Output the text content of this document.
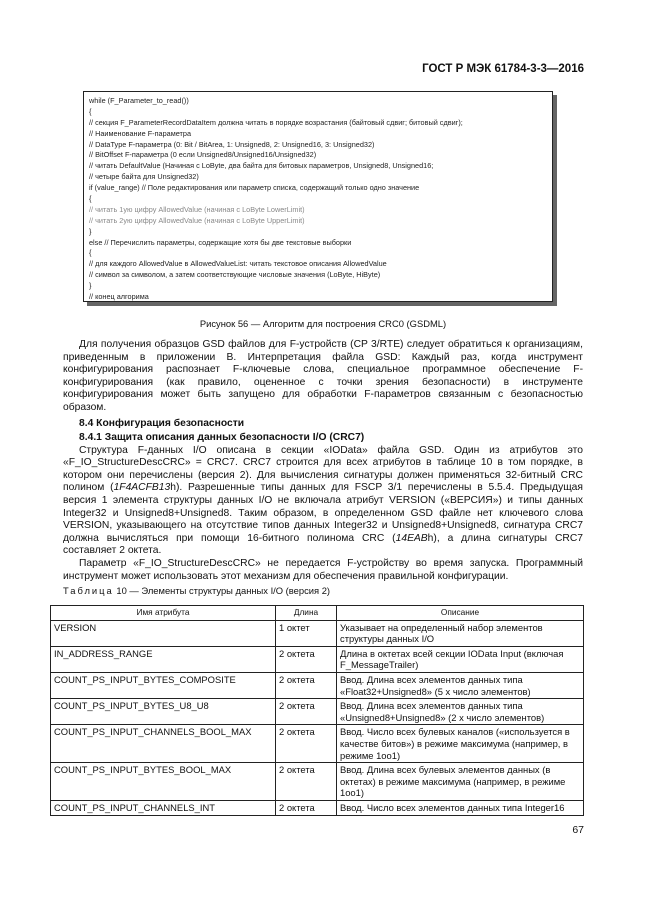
ГОСТ Р МЭК 61784-3-3—2016
while (F_Parameter_to_read())
{
// секция F_ParameterRecordDataItem должна читать в порядке возрастания (байтовый сдвиг; битовый сдвиг);
// Наименование F-параметра
// DataType F-параметра (0: Bit / BitArea, 1: Unsigned8, 2: Unsigned16, 3: Unsigned32)
// BitOffset F-параметра (0 если Unsigned8/Unsigned16/Unsigned32)
// читать DefaultValue (Начиная с LoByte, два байта для битовых параметров, Unsigned8, Unsigned16;
// четыре байта для Unsigned32)
if (value_range) // Поле редактирования или параметр списка, содержащий только одно значение
{
// читать 1ую цифру AllowedValue (начиная с LoByte LowerLimit)
// читать 2ую цифру AllowedValue (начиная с LoByte UpperLimit)
}
else // Перечислить параметры, содержащие хотя бы две текстовые выборки
{
// для каждого AllowedValue в AllowedValueList: читать текстовое описания AllowedValue
// символ за символом, а затем соответствующие числовые значения (LoByte, HiByte)
}
// конец алгорима
Рисунок 56 — Алгоритм для построения CRC0 (GSDML)

Для получения образцов GSD файлов для F-устройств (CP 3/RTE) следует обратиться к организациям, приведенным в приложении B. Интерпретация файла GSD: Каждый раз, когда инструмент конфигурирования распознает F-ключевые слова, специальное программное обеспечение F-конфигурирования (как правило, оцененное с точки зрения безопасности) в инструменте конфигурирования может быть запущено для обработки F-параметров связанным с безопасностью образом.

8.4 Конфигурация безопасности

8.4.1 Защита описания данных безопасности I/O (CRC7)

Структура F-данных I/O описана в секции «IOData» файла GSD. Один из атрибутов это «F_IO_StructureDescCRC» = CRC7. CRC7 строится для всех атрибутов в таблице 10 в том порядке, в котором они перечислены (версия 2). Для вычисления сигнатуры должен применяться 32-битный CRC полином (1F4ACFB13h). Разрешенные типы данных для FSCP 3/1 перечислены в 5.5.4. Предыдущая версия 1 элемента структуры данных I/O не включала атрибут VERSION («ВЕРСИЯ») и типы данных Integer32 и Unsigned8+Unsigned8. Таким образом, в определенном GSD файле нет ключевого слова VERSION, указывающего на отсутствие типов данных Integer32 и Unsigned8+Unsigned8, сигнатура CRC7 должна вычисляться при помощи 16-битного полинома CRC (14EABh), а длина сигнатуры CRC7 составляет 2 октета.

Параметр «F_IO_StructureDescCRC» не передается F-устройству во время запуска. Программный инструмент может использовать этот механизм для обеспечения правильной конфигурации.

Таблица 10 — Элементы структуры данных I/O (версия 2)
Имя атрибута	Длина	Описание
VERSION	1 октет	Указывает на определенный набор элементов структуры данных I/O
IN_ADDRESS_RANGE	2 октета	Длина в октетах всей секции IOData Input (включая F_MessageTrailer)
COUNT_PS_INPUT_BYTES_COMPOSITE	2 октета	Ввод. Длина всех элементов данных типа «Float32+Unsigned8» (5 х число элементов)
COUNT_PS_INPUT_BYTES_U8_U8	2 октета	Ввод. Длина всех элементов данных типа «Unsigned8+Unsigned8» (2 х число элементов)
COUNT_PS_INPUT_CHANNELS_BOOL_MAX	2 октета	Ввод. Число всех булевых каналов («используется в качестве битов») в режиме максимума (например, в режиме 1оо1)
COUNT_PS_INPUT_BYTES_BOOL_MAX	2 октета	Ввод. Длина всех булевых элементов данных (в октетах) в режиме максимума (например, в режиме 1оо1)
COUNT_PS_INPUT_CHANNELS_INT	2 октета	Ввод. Число всех элементов данных типа Integer16
67
